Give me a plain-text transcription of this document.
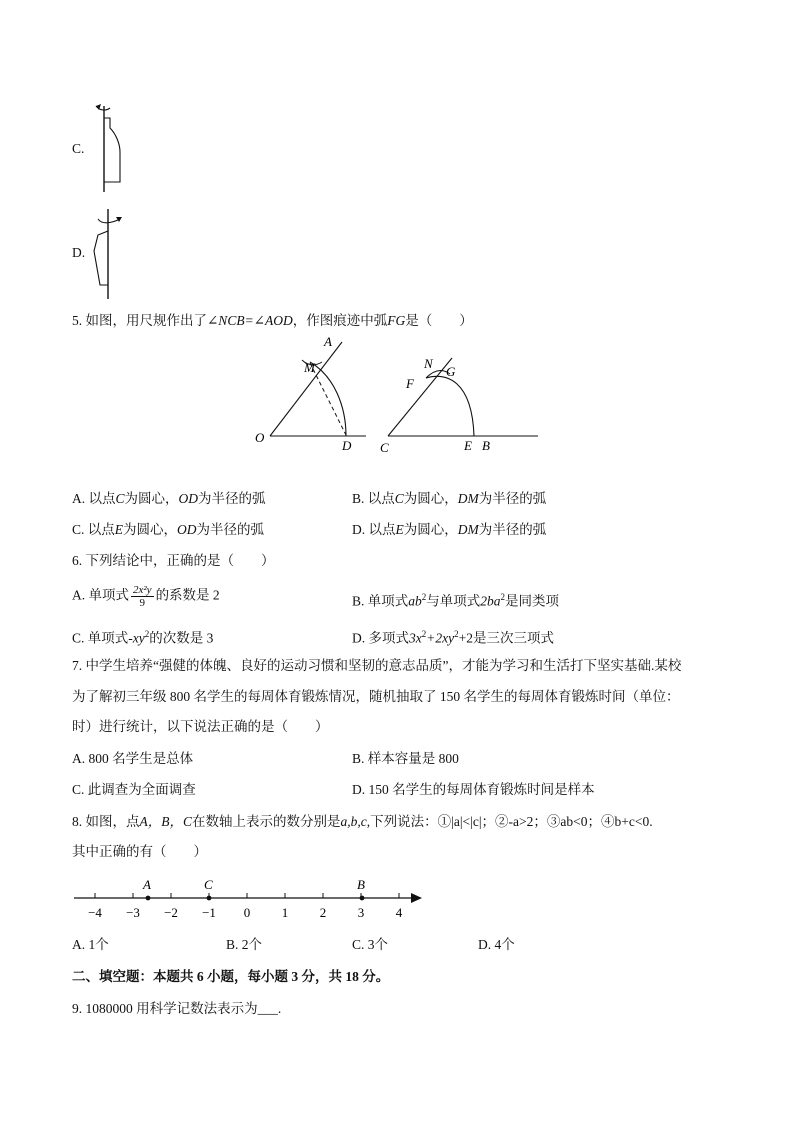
C.
D.
5. 如图，用尺规作出了∠NCB=∠AOD，作图痕迹中弧FG是（　　）
A
M
O
D
N
G
F
C	E B
A. 以点C为圆心，OD为半径的弧	B. 以点C为圆心，DM为半径的弧
C. 以点E为圆心，OD为半径的弧	D. 以点E为圆心，DM为半径的弧
6. 下列结论中，正确的是（　　）
A. 单项式 $\frac{\text{2x²y}}{9}$ 的系数是 2	B. 单项式$ab^2$与单项式$2ba^2$是同类项
C. 单项式$-xy^2$的次数是 3	D. 多项式$3x^2+2xy^2+2$是三次三项式
7. 中学生培养“强健的体魄、良好的运动习惯和坚韧的意志品质”，才能为学习和生活打下坚实基础.某校
为了解初三年级 800 名学生的每周体育锻炼情况，随机抽取了 150 名学生的每周体育锻炼时间（单位：
时）进行统计，以下说法正确的是（　　）
A. 800 名学生是总体	B. 样本容量是 800
C. 此调查为全面调查	D. 150 名学生的每周体育锻炼时间是样本
8. 如图，点A，B，C在数轴上表示的数分别是a,b,c,下列说法：①|a|<|c|；②-a>2；③ab<0；④b+c<0.
其中正确的有（　　）
−4 −3 −2 −1 0 1 2 3 4
A	C	B
A. 1个	B. 2个	C. 3个	D. 4个
二、填空题：本题共 6 小题，每小题 3 分，共 18 分。
9. 1080000 用科学记数法表示为___.
